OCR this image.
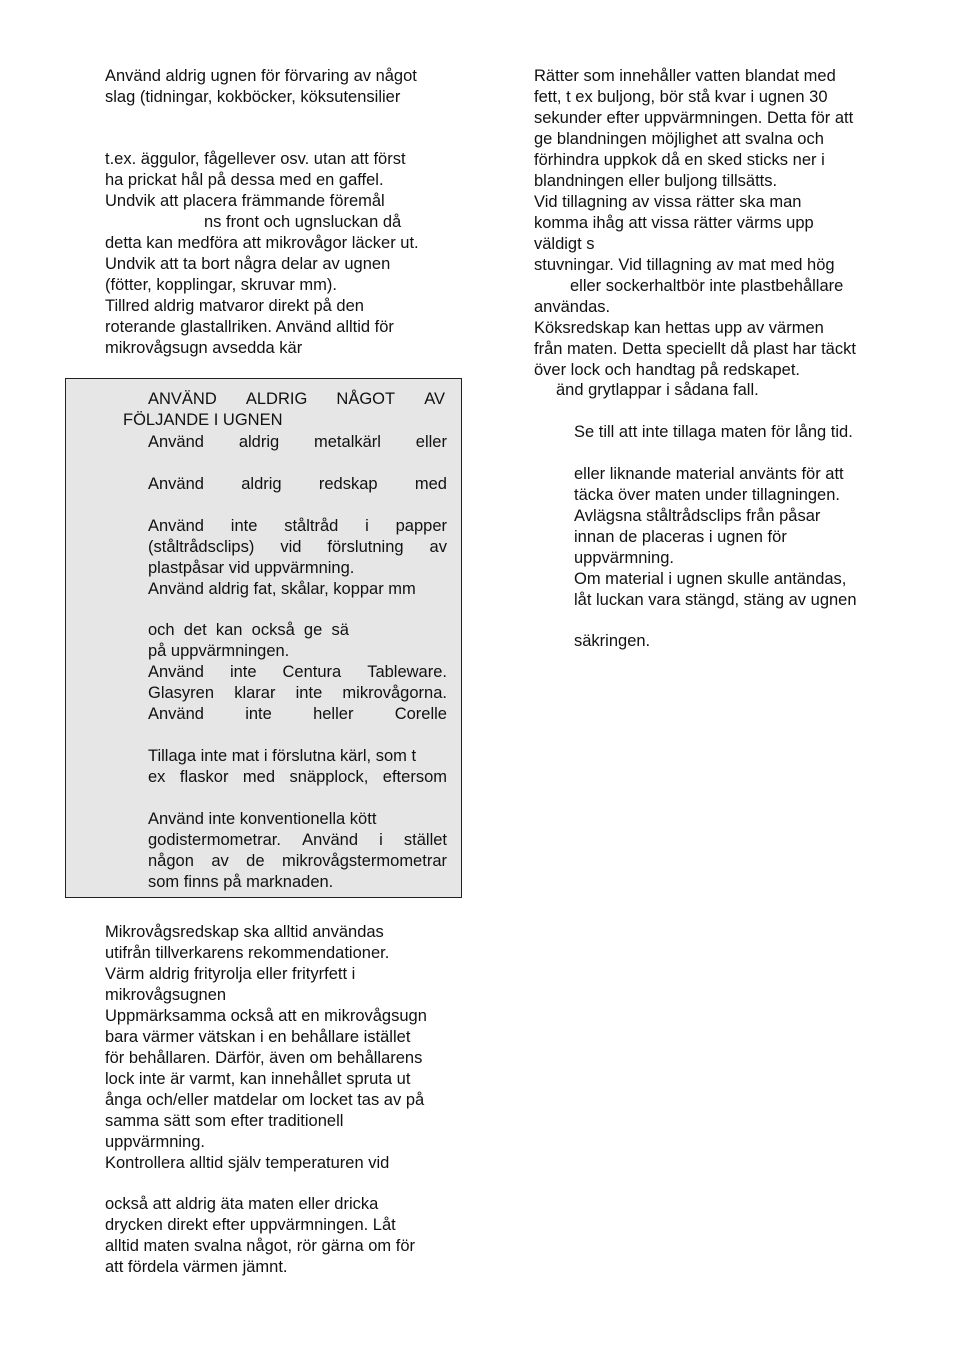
Använd aldrig ugnen för förvaring av något
slag (tidningar, kokböcker, köksutensilier
t.ex. äggulor, fågellever osv. utan att först
ha prickat hål på dessa med en gaffel.
Undvik att placera främmande föremål
ns front och ugnsluckan då
detta kan medföra att mikrovågor läcker ut.
Undvik att ta bort några delar av ugnen
(fötter, kopplingar, skruvar mm).
Tillred aldrig matvaror direkt på den
roterande glastallriken. Använd alltid för
mikrovågsugn avsedda kär
ANVÄND ALDRIG NÅGOT AV
FÖLJANDE I UGNEN
Använd aldrig metalkärl eller
Använd aldrig redskap med
Använd inte ståltråd i papper
(ståltrådsclips) vid förslutning av
Använd inte Centura Tableware.
Glasyren klarar inte mikrovågorna.
Använd	inte	heller	Corelle
ex flaskor med snäpplock, eftersom
godistermometrar. Använd i stället
någon av de mikrovågstermometrar
plastpåsar vid uppvärmning.
Använd aldrig fat, skålar, koppar mm
och  det  kan  också  ge  sä
på uppvärmningen.
Tillaga inte mat i förslutna kärl, som t
Använd inte konventionella kött
som finns på marknaden.
Mikrovågsredskap ska alltid användas
utifrån tillverkarens rekommendationer.
Värm aldrig frityrolja eller frityrfett i
mikrovågsugnen
Uppmärksamma också att en mikrovågsugn
bara värmer vätskan i en behållare istället
för behållaren. Därför, även om behållarens
lock inte är varmt, kan innehållet spruta ut
ånga och/eller matdelar om locket tas av på
samma sätt som efter traditionell
uppvärmning.
Kontrollera alltid själv temperaturen vid
också att aldrig äta maten eller dricka
drycken direkt efter uppvärmningen. Låt
alltid maten svalna något, rör gärna om för
att fördela värmen jämnt.
Rätter som innehåller vatten blandat med
fett, t ex buljong, bör stå kvar i ugnen 30
sekunder efter uppvärmningen. Detta för att
ge blandningen möjlighet att svalna och
förhindra uppkok då en sked sticks ner i
blandningen eller buljong tillsätts.
Vid tillagning av vissa rätter ska man
komma ihåg att vissa rätter värms upp
väldigt s
stuvningar. Vid tillagning av mat med hög
eller sockerhaltbör inte plastbehållare
användas.
Köksredskap kan hettas upp av värmen
från maten. Detta speciellt då plast har täckt
över lock och handtag på redskapet.
änd grytlappar i sådana fall.
Se till att inte tillaga maten för lång tid.
eller liknande material använts för att
täcka över maten under tillagningen.
Avlägsna ståltrådsclips från påsar
innan de placeras i ugnen för
uppvärmning.
Om material i ugnen skulle antändas,
låt luckan vara stängd, stäng av ugnen
säkringen.
